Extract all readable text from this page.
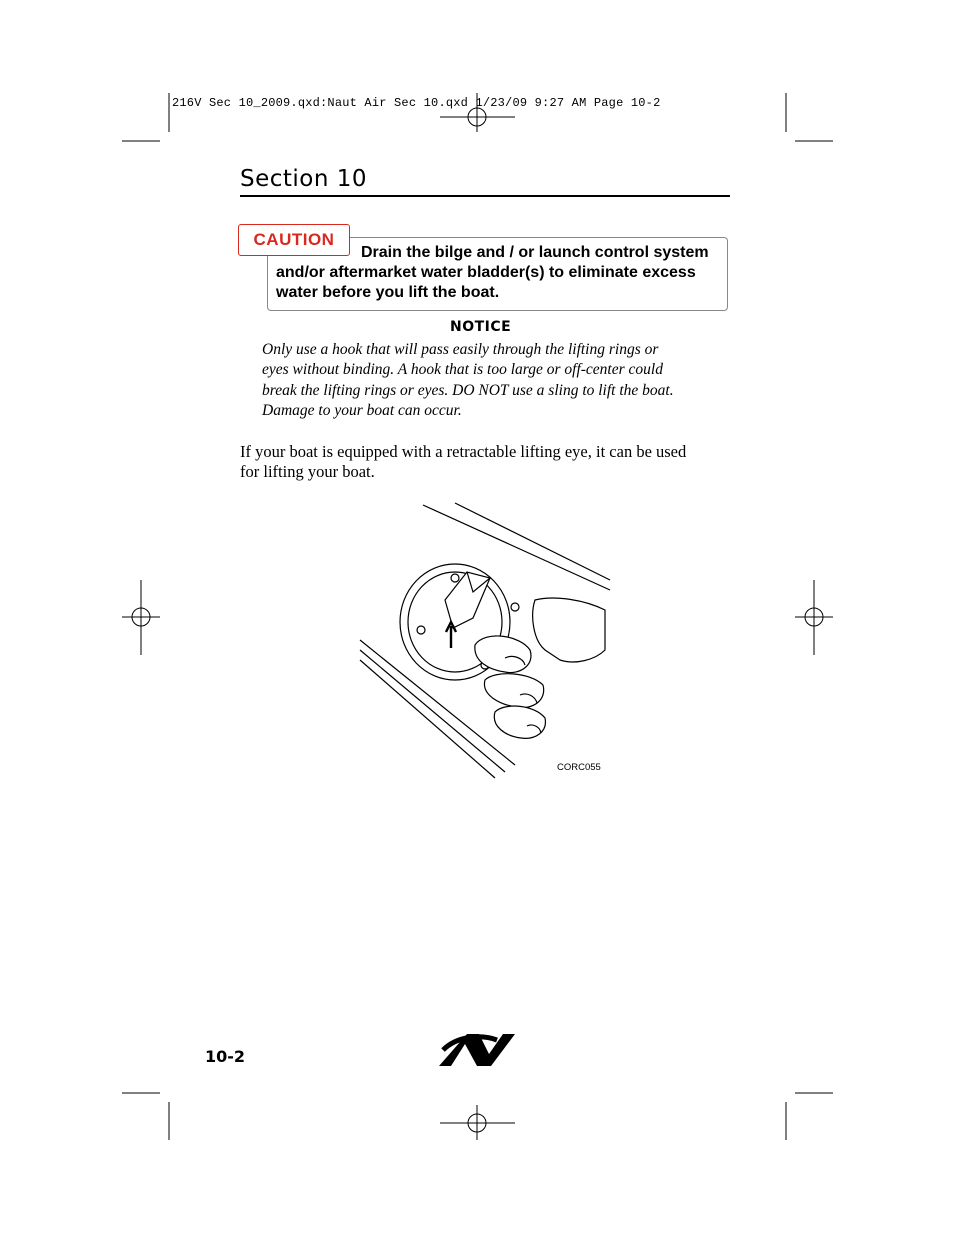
216V Sec 10_2009.qxd:Naut Air Sec 10.qxd 1/23/09 9:27 AM Page 10-2
Section 10
CAUTION
Drain the bilge and / or launch control system
and/or aftermarket water bladder(s) to eliminate excess
water before you lift the boat.
NOTICE
Only use a hook that will pass easily through the lifting rings or
eyes without binding. A hook that is too large or off-center could
break the lifting rings or eyes. DO NOT use a sling to lift the boat.
Damage to your boat can occur.
If your boat is equipped with a retractable lifting eye, it can be used
for lifting your boat.
CORC055
10-2
